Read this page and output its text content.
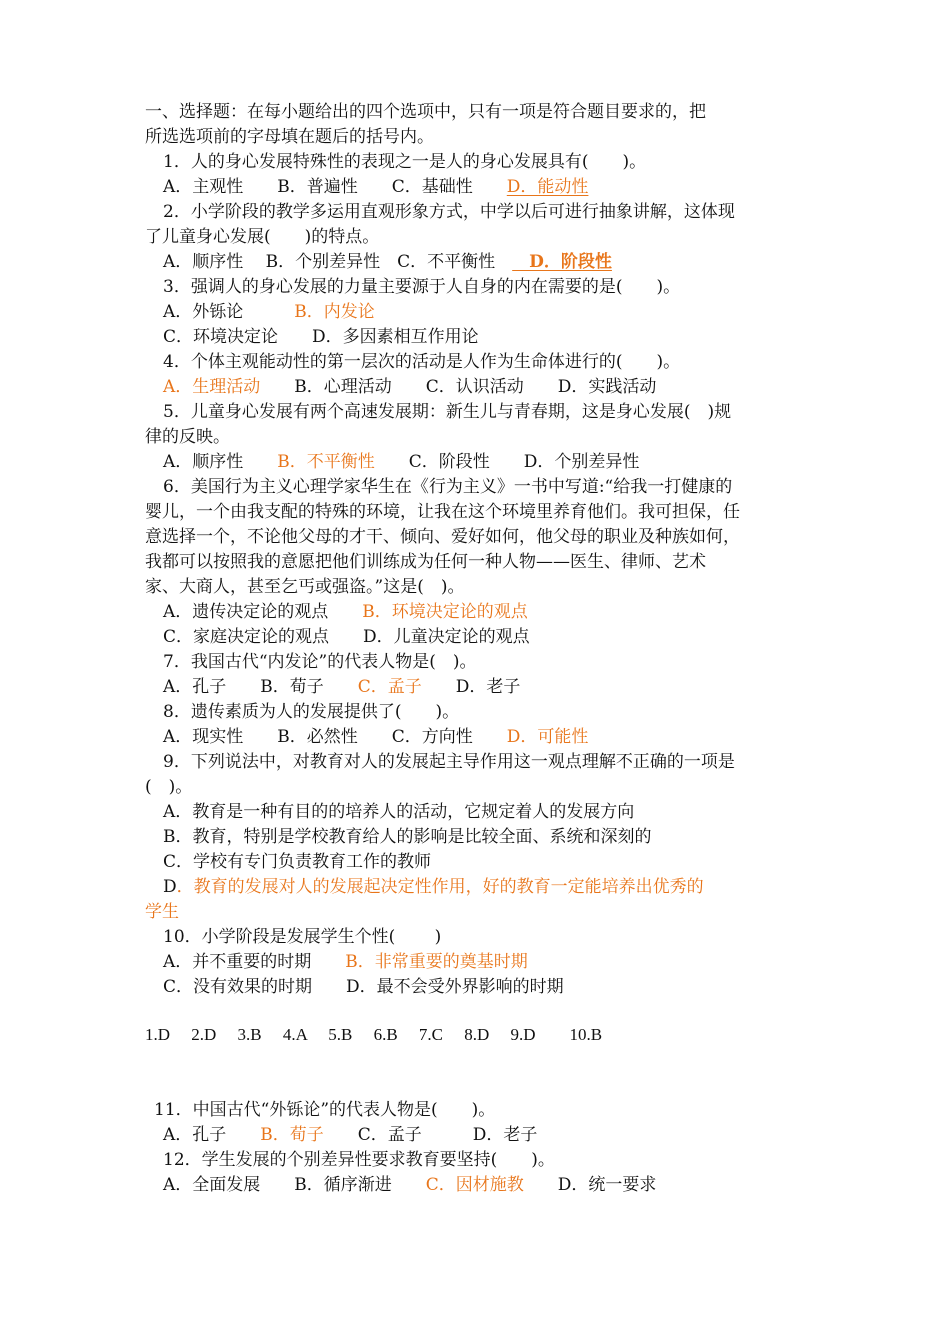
一、选择题：在每小题给出的四个选项中，只有一项是符合题目要求的，把
所选选项前的字母填在题后的括号内。
1．人的身心发展特殊性的表现之一是人的身心发展具有(　　)。
A．主观性　　B．普遍性　　C．基础性　　D．能动性
2．小学阶段的教学多运用直观形象方式，中学以后可进行抽象讲解，这体现
了儿童身心发展(　　)的特点。
A．顺序性　 B．个别差异性　C．不平衡性　　D．阶段性
3．强调人的身心发展的力量主要源于人自身的内在需要的是(　　)。
A．外铄论　　　B．内发论
C．环境决定论　　D．多因素相互作用论
4．个体主观能动性的第一层次的活动是人作为生命体进行的(　　)。
A．生理活动　　B．心理活动　　C．认识活动　　D．实践活动
5．儿童身心发展有两个高速发展期：新生儿与青春期，这是身心发展(　)规
律的反映。
A．顺序性　　B．不平衡性　　C．阶段性　　D．个别差异性
6．美国行为主义心理学家华生在《行为主义》一书中写道:“给我一打健康的
婴儿，一个由我支配的特殊的环境，让我在这个环境里养育他们。我可担保，任
意选择一个，不论他父母的才干、倾向、爱好如何，他父母的职业及种族如何，
我都可以按照我的意愿把他们训练成为任何一种人物——医生、律师、艺术
家、大商人，甚至乞丐或强盗。”这是(　)。
A．遗传决定论的观点　　B．环境决定论的观点
C．家庭决定论的观点　　D．儿童决定论的观点
7．我国古代“内发论”的代表人物是(　)。
A．孔子　　B．荀子　　C．孟子　　D．老子
8．遗传素质为人的发展提供了(　　)。
A．现实性　　B．必然性　　C．方向性　　D．可能性
9．下列说法中，对教育对人的发展起主导作用这一观点理解不正确的一项是
(　)。
A．教育是一种有目的的培养人的活动，它规定着人的发展方向
B．教育，特别是学校教育给人的影响是比较全面、系统和深刻的
C．学校有专门负责教育工作的教师
D．教育的发展对人的发展起决定性作用，好的教育一定能培养出优秀的
学生
10．小学阶段是发展学生个性(　　 )
A．并不重要的时期　　B．非常重要的奠基时期
C．没有效果的时期　　D．最不会受外界影响的时期
1.D　 2.D　 3.B　 4.A　 5.B　 6.B　 7.C　 8.D　 9.D　　10.B
11．中国古代“外铄论”的代表人物是(　　)。
A．孔子　　B．荀子　　C．孟子　　　D．老子
12．学生发展的个别差异性要求教育要坚持(　　)。
A．全面发展　　B．循序渐进　　C．因材施教　　D．统一要求
